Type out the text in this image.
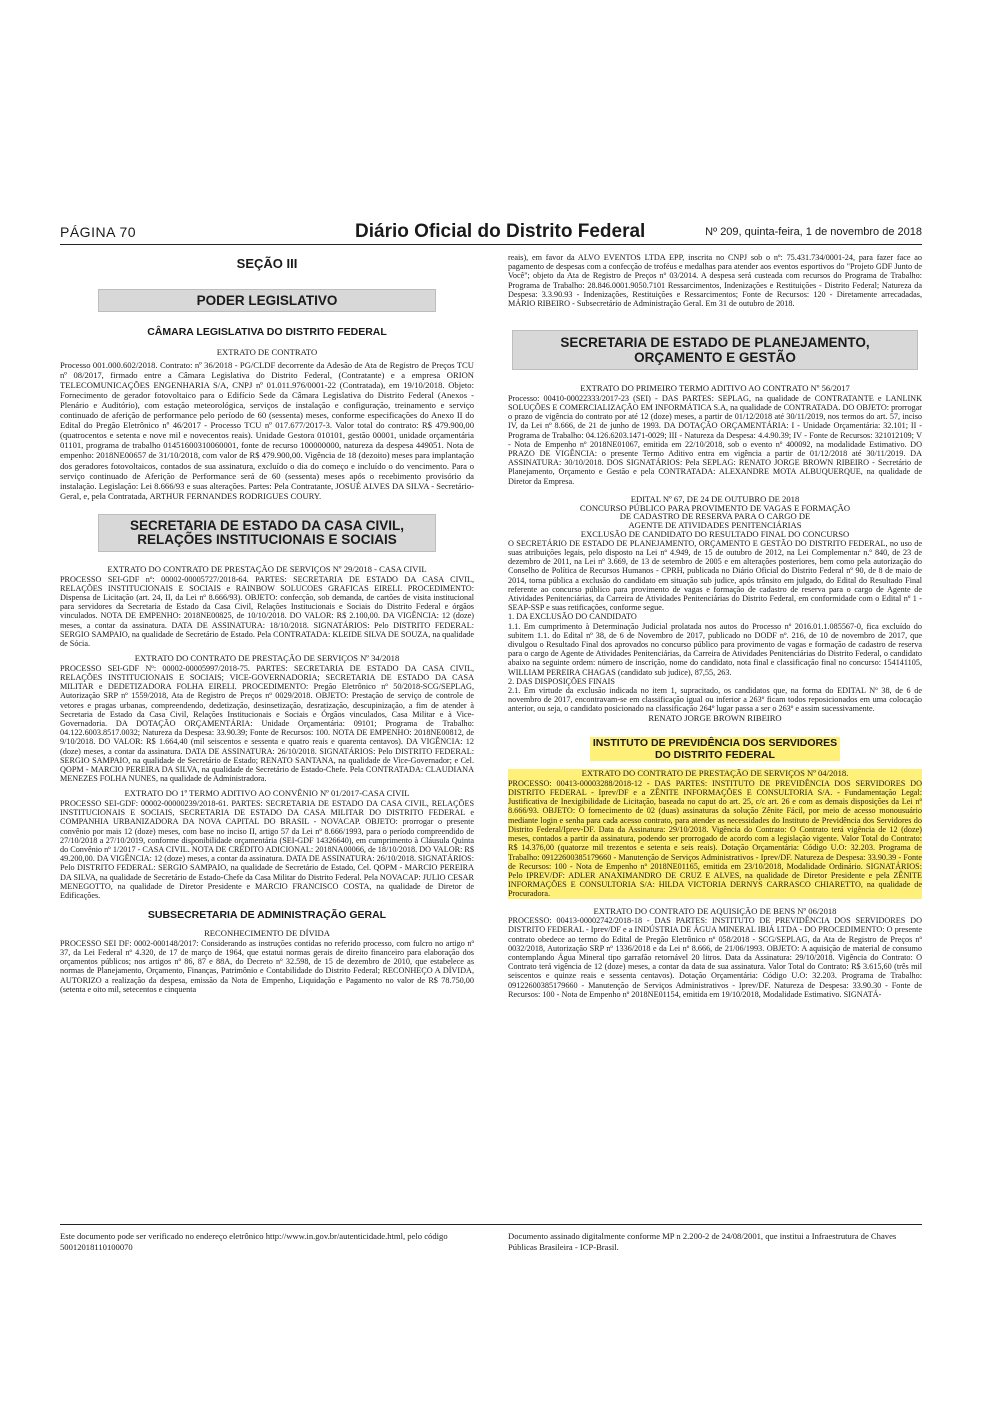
PÁGINA 70	Diário Oficial do Distrito Federal	Nº 209, quinta-feira, 1 de novembro de 2018
SEÇÃO III
PODER LEGISLATIVO
CÂMARA LEGISLATIVA DO DISTRITO FEDERAL

EXTRATO DE CONTRATO

Processo 001.000.602/2018. Contrato: nº 36/2018 - PG/CLDF decorrente da Adesão de Ata de Registro de Preços TCU nº 08/2017, firmado entre a Câmara Legislativa do Distrito Federal, (Contratante) e a empresa ORION TELECOMUNICAÇÕES ENGENHARIA S/A, CNPJ nº 01.011.976/0001-22 (Contratada), em 19/10/2018. Objeto: Fornecimento de gerador fotovoltaico para o Edifício Sede da Câmara Legislativa do Distrito Federal (Anexos - Plenário e Auditório), com estação meteorológica, serviços de instalação e configuração, treinamento e serviço continuado de aferição de performance pelo período de 60 (sessenta) meses, conforme especificações do Anexo II do Edital do Pregão Eletrônico nº 46/2017 - Processo TCU nº 017.677/2017-3. Valor total do contrato: R$ 479.900,00 (quatrocentos e setenta e nove mil e novecentos reais). Unidade Gestora 010101, gestão 00001, unidade orçamentária 01101, programa de trabalho 01451600310060001, fonte de recurso 100000000, natureza da despesa 449051. Nota de empenho: 2018NE00657 de 31/10/2018, com valor de R$ 479.900,00. Vigência de 18 (dezoito) meses para implantação dos geradores fotovoltaicos, contados de sua assinatura, excluído o dia do começo e incluído o do vencimento. Para o serviço continuado de Aferição de Performance será de 60 (sessenta) meses após o recebimento provisório da instalação. Legislação: Lei 8.666/93 e suas alterações. Partes: Pela Contratante, JOSUÉ ALVES DA SILVA - Secretário-Geral, e, pela Contratada, ARTHUR FERNANDES RODRIGUES COURY.

SECRETARIA DE ESTADO DA CASA CIVIL, RELAÇÕES INSTITUCIONAIS E SOCIAIS

EXTRATO DO CONTRATO DE PRESTAÇÃO DE SERVIÇOS Nº 29/2018 - CASA CIVIL

PROCESSO SEI-GDF nº: 00002-00005727/2018-64. PARTES: SECRETARIA DE ESTADO DA CASA CIVIL, RELAÇÕES INSTITUCIONAIS E SOCIAIS e RAINBOW SOLUCOES GRAFICAS EIRELI. PROCEDIMENTO: Dispensa de Licitação (art. 24, II, da Lei nº 8.666/93). OBJETO: confecção, sob demanda, de cartões de visita institucional para servidores da Secretaria de Estado da Casa Civil, Relações Institucionais e Sociais do Distrito Federal e órgãos vinculados. NOTA DE EMPENHO: 2018NE00825, de 10/10/2018. DO VALOR: R$ 2.100,00. DA VIGÊNCIA: 12 (doze) meses, a contar da assinatura. DATA DE ASSINATURA: 18/10/2018. SIGNATÁRIOS: Pelo DISTRITO FEDERAL: SERGIO SAMPAIO, na qualidade de Secretário de Estado. Pela CONTRATADA: KLEIDE SILVA DE SOUZA, na qualidade de Sócia.

EXTRATO DO CONTRATO DE PRESTAÇÃO DE SERVIÇOS Nº 34/2018

PROCESSO SEI-GDF Nº: 00002-00005997/2018-75. PARTES: SECRETARIA DE ESTADO DA CASA CIVIL, RELAÇÕES INSTITUCIONAIS E SOCIAIS; VICE-GOVERNADORIA; SECRETARIA DE ESTADO DA CASA MILITAR e DEDETIZADORA FOLHA EIRELI. PROCEDIMENTO: Pregão Eletrônico nº 50/2018-SCG/SEPLAG, Autorização SRP nº 1559/2018, Ata de Registro de Preços nº 0029/2018. OBJETO: Prestação de serviço de controle de vetores e pragas urbanas, compreendendo, dedetização, desinsetização, desratização, descupinização, a fim de atender à Secretaria de Estado da Casa Civil, Relações Institucionais e Sociais e Órgãos vinculados, Casa Militar e à Vice-Governadoria. DA DOTAÇÃO ORÇAMENTÁRIA: Unidade Orçamentária: 09101; Programa de Trabalho: 04.122.6003.8517.0032; Natureza da Despesa: 33.90.39; Fonte de Recursos: 100. NOTA DE EMPENHO: 2018NE00812, de 9/10/2018. DO VALOR: R$ 1.664,40 (mil seiscentos e sessenta e quatro reais e quarenta centavos). DA VIGÊNCIA: 12 (doze) meses, a contar da assinatura. DATA DE ASSINATURA: 26/10/2018. SIGNATÁRIOS: Pelo DISTRITO FEDERAL: SERGIO SAMPAIO, na qualidade de Secretário de Estado; RENATO SANTANA, na qualidade de Vice-Governador; e Cel. QOPM - MARCIO PEREIRA DA SILVA, na qualidade de Secretário de Estado-Chefe. Pela CONTRATADA: CLAUDIANA MENEZES FOLHA NUNES, na qualidade de Administradora.

EXTRATO DO 1º TERMO ADITIVO AO CONVÊNIO Nº 01/2017-CASA CIVIL

PROCESSO SEI-GDF: 00002-00000239/2018-61. PARTES: SECRETARIA DE ESTADO DA CASA CIVIL, RELAÇÕES INSTITUCIONAIS E SOCIAIS, SECRETARIA DE ESTADO DA CASA MILITAR DO DISTRITO FEDERAL e COMPANHIA URBANIZADORA DA NOVA CAPITAL DO BRASIL - NOVACAP. OBJETO: prorrogar o presente convênio por mais 12 (doze) meses, com base no inciso II, artigo 57 da Lei nº 8.666/1993, para o período compreendido de 27/10/2018 a 27/10/2019, conforme disponibilidade orçamentária (SEI-GDF 14326640), em cumprimento à Cláusula Quinta do Convênio nº 1/2017 - CASA CIVIL. NOTA DE CRÉDITO ADICIONAL: 2018NA00066, de 18/10/2018. DO VALOR: R$ 49.200,00. DA VIGÊNCIA: 12 (doze) meses, a contar da assinatura. DATA DE ASSINATURA: 26/10/2018. SIGNATÁRIOS: Pelo DISTRITO FEDERAL: SERGIO SAMPAIO, na qualidade de Secretário de Estado, Cel. QOPM - MARCIO PEREIRA DA SILVA, na qualidade de Secretário de Estado-Chefe da Casa Militar do Distrito Federal. Pela NOVACAP: JULIO CESAR MENEGOTTO, na qualidade de Diretor Presidente e MARCIO FRANCISCO COSTA, na qualidade de Diretor de Edificações.

SUBSECRETARIA DE ADMINISTRAÇÃO GERAL

RECONHECIMENTO DE DÍVIDA

PROCESSO SEI DF: 0002-000148/2017: Considerando as instruções contidas no referido processo, com fulcro no artigo nº 37, da Lei Federal nº 4.320, de 17 de março de 1964, que estatui normas gerais de direito financeiro para elaboração dos orçamentos públicos; nos artigos nº 86, 87 e 88A, do Decreto nº 32.598, de 15 de dezembro de 2010, que estabelece as normas de Planejamento, Orçamento, Finanças, Patrimônio e Contabilidade do Distrito Federal; RECONHEÇO A DÍVIDA, AUTORIZO a realização da despesa, emissão da Nota de Empenho, Liquidação e Pagamento no valor de R$ 78.750,00 (setenta e oito mil, setecentos e cinquenta

reais), em favor da ALVO EVENTOS LTDA EPP, inscrita no CNPJ sob o nº: 75.431.734/0001-24, para fazer face ao pagamento de despesas com a confecção de troféus e medalhas para atender aos eventos esportivos do "Projeto GDF Junto de Você"; objeto da Ata de Registro de Preços nº 03/2014. A despesa será custeada com recursos do Programa de Trabalho: Programa de Trabalho: 28.846.0001.9050.7101 Ressarcimentos, Indenizações e Restituições - Distrito Federal; Natureza da Despesa: 3.3.90.93 - Indenizações, Restituições e Ressarcimentos; Fonte de Recursos: 120 - Diretamente arrecadadas, MÁRIO RIBEIRO - Subsecretário de Administração Geral. Em 31 de outubro de 2018.

SECRETARIA DE ESTADO DE PLANEJAMENTO, ORÇAMENTO E GESTÃO

EXTRATO DO PRIMEIRO TERMO ADITIVO AO CONTRATO Nº 56/2017

Processo: 00410-00022333/2017-23 (SEI) - DAS PARTES: SEPLAG, na qualidade de CONTRATANTE e LANLINK SOLUÇÕES E COMERCIALIZAÇÃO EM INFORMÁTICA S.A, na qualidade de CONTRATADA. DO OBJETO: prorrogar o prazo de vigência do contrato por até 12 (doze) meses, a partir de 01/12/2018 até 30/11/2019, nos termos do art. 57, inciso IV, da Lei nº 8.666, de 21 de junho de 1993. DA DOTAÇÃO ORÇAMENTÁRIA: I - Unidade Orçamentária: 32.101; II - Programa de Trabalho: 04.126.6203.1471-0029; III - Natureza da Despesa: 4.4.90.39; IV - Fonte de Recursos: 321012109; V - Nota de Empenho nº 2018NE01067, emitida em 22/10/2018, sob o evento nº 400092, na modalidade Estimativo. DO PRAZO DE VIGÊNCIA: o presente Termo Aditivo entra em vigência a partir de 01/12/2018 até 30/11/2019. DA ASSINATURA: 30/10/2018. DOS SIGNATÁRIOS: Pela SEPLAG: RENATO JORGE BROWN RIBEIRO - Secretário de Planejamento, Orçamento e Gestão e pela CONTRATADA: ALEXANDRE MOTA ALBUQUERQUE, na qualidade de Diretor da Empresa.

EDITAL Nº 67, DE 24 DE OUTUBRO DE 2018
CONCURSO PÚBLICO PARA PROVIMENTO DE VAGAS E FORMAÇÃO
DE CADASTRO DE RESERVA PARA O CARGO DE
AGENTE DE ATIVIDADES PENITENCIÁRIAS
EXCLUSÃO DE CANDIDATO DO RESULTADO FINAL DO CONCURSO

O SECRETÁRIO DE ESTADO DE PLANEJAMENTO, ORÇAMENTO E GESTÃO DO DISTRITO FEDERAL, no uso de suas atribuições legais, pelo disposto na Lei nº 4.949, de 15 de outubro de 2012, na Lei Complementar n.º 840, de 23 de dezembro de 2011, na Lei nº 3.669, de 13 de setembro de 2005 e em alterações posteriores, bem como pela autorização do Conselho de Política de Recursos Humanos - CPRH, publicada no Diário Oficial do Distrito Federal nº 90, de 8 de maio de 2014, torna pública a exclusão do candidato em situação sub judice, após trânsito em julgado, do Edital do Resultado Final referente ao concurso público para provimento de vagas e formação de cadastro de reserva para o cargo de Agente de Atividades Penitenciárias, da Carreira de Atividades Penitenciárias do Distrito Federal, em conformidade com o Edital nº 1 - SEAP-SSP e suas retificações, conforme segue.

1. DA EXCLUSÃO DO CANDIDATO

1.1. Em cumprimento à Determinação Judicial prolatada nos autos do Processo nº 2016.01.1.085567-0, fica excluído do subitem 1.1. do Edital nº 38, de 6 de Novembro de 2017, publicado no DODF nº. 216, de 10 de novembro de 2017, que divulgou o Resultado Final dos aprovados no concurso público para provimento de vagas e formação de cadastro de reserva para o cargo de Agente de Atividades Penitenciárias, da Carreira de Atividades Penitenciárias do Distrito Federal, o candidato abaixo na seguinte ordem: número de inscrição, nome do candidato, nota final e classificação final no concurso: 154141105, WILLIAM PEREIRA CHAGAS (candidato sub judice), 87,55, 263.

2. DAS DISPOSIÇÕES FINAIS

2.1. Em virtude da exclusão indicada no item 1, supracitado, os candidatos que, na forma do EDITAL Nº 38, de 6 de novembro de 2017, encontravam-se em classificação igual ou inferior a 263º ficam todos reposicionados em uma colocação anterior, ou seja, o candidato posicionado na classificação 264º lugar passa a ser o 263º e assim sucessivamente.

RENATO JORGE BROWN RIBEIRO

INSTITUTO DE PREVIDÊNCIA DOS SERVIDORES
DO DISTRITO FEDERAL

EXTRATO DO CONTRATO DE PRESTAÇÃO DE SERVIÇOS Nº 04/2018.

PROCESSO: 00413-00003288/2018-12 - DAS PARTES: INSTITUTO DE PREVIDÊNCIA DOS SERVIDORES DO DISTRITO FEDERAL - Iprev/DF e a ZÊNITE INFORMAÇÕES E CONSULTORIA S/A. - Fundamentação Legal: Justificativa de Inexigibilidade de Licitação, baseada no caput do art. 25, c/c art. 26 e com as demais disposições da Lei nº 8.666/93. OBJETO: O fornecimento de 02 (duas) assinaturas da solução Zênite Fácil, por meio de acesso monousuário mediante login e senha para cada acesso contrato, para atender as necessidades do Instituto de Previdência dos Servidores do Distrito Federal/Iprev-DF. Data da Assinatura: 29/10/2018. Vigência do Contrato: O Contrato terá vigência de 12 (doze) meses, contados a partir da assinatura, podendo ser prorrogado de acordo com a legislação vigente. Valor Total do Contrato: R$ 14.376,00 (quatorze mil trezentos e setenta e seis reais). Dotação Orçamentária: Código U.O: 32.203. Programa de Trabalho: 09122600385179660 - Manutenção de Serviços Administrativos - Iprev/DF. Natureza de Despesa: 33.90.39 - Fonte de Recursos: 100 - Nota de Empenho nº 2018NE01165, emitida em 23/10/2018, Modalidade Ordinário. SIGNATÁRIOS: Pelo IPREV/DF: ADLER ANAXIMANDRO DE CRUZ E ALVES, na qualidade de Diretor Presidente e pela ZÊNITE INFORMAÇÕES E CONSULTORIA S/A: HILDA VICTORIA DERNYS CARRASCO CHIARETTO, na qualidade de Procuradora.

EXTRATO DO CONTRATO DE AQUISIÇÃO DE BENS Nº 06/2018

PROCESSO: 00413-00002742/2018-18 - DAS PARTES: INSTITUTO DE PREVIDÊNCIA DOS SERVIDORES DO DISTRITO FEDERAL - Iprev/DF e a INDÚSTRIA DE ÁGUA MINERAL IBIÁ LTDA - DO PROCEDIMENTO: O presente contrato obedece ao termo do Edital de Pregão Eletrônico nº 058/2018 - SCG/SEPLAG, da Ata de Registro de Preços nº 0032/2018, Autorização SRP nº 1336/2018 e da Lei nº 8.666, de 21/06/1993. OBJETO: A aquisição de material de consumo contemplando Água Mineral tipo garrafão retornável 20 litros. Data da Assinatura: 29/10/2018. Vigência do Contrato: O Contrato terá vigência de 12 (doze) meses, a contar da data de sua assinatura. Valor Total do Contrato: R$ 3.615,60 (três mil seiscentos e quinze reais e sessenta centavos). Dotação Orçamentária: Código U.O: 32.203. Programa de Trabalho: 09122600385179660 - Manutenção de Serviços Administrativos - Iprev/DF. Natureza de Despesa: 33.90.30 - Fonte de Recursos: 100 - Nota de Empenho nº 2018NE01154, emitida em 19/10/2018, Modalidade Estimativo. SIGNATÁ-

Este documento pode ser verificado no endereço eletrônico http://www.in.gov.br/autenticidade.html, pelo código 50012018110100070
Documento assinado digitalmente conforme MP n 2.200-2 de 24/08/2001, que institui a Infraestrutura de Chaves Públicas Brasileira - ICP-Brasil.
